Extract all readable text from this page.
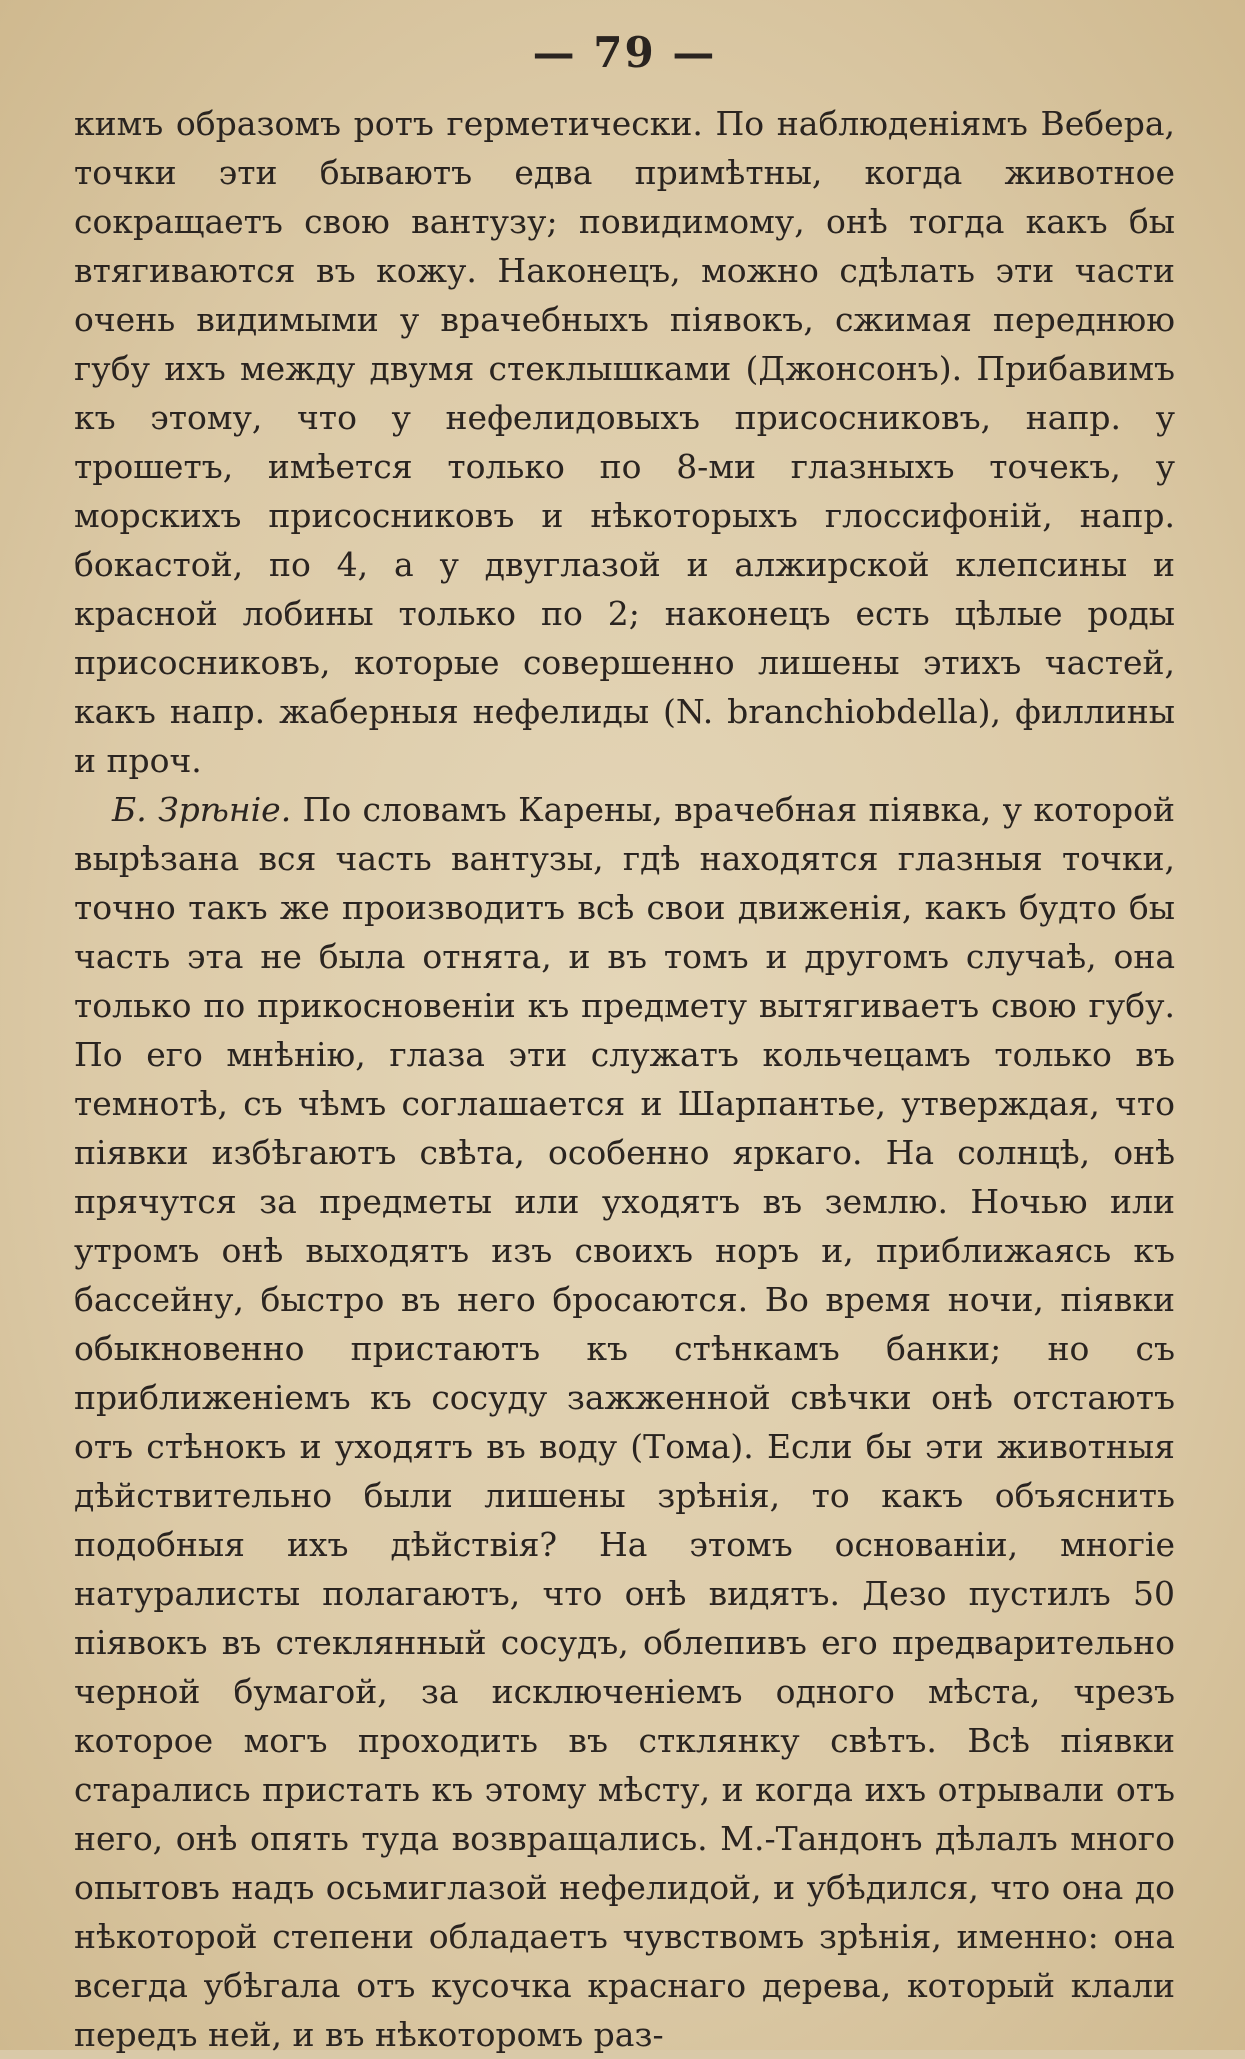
— 79 —

кимъ образомъ ротъ герметически. По наблюденіямъ Вебера, точки эти бываютъ едва примѣтны, когда животное сокращаетъ свою вантузу; повидимому, онѣ тогда какъ бы втягиваются въ кожу. Наконецъ, можно сдѣлать эти части очень видимыми у врачебныхъ піявокъ, сжимая переднюю губу ихъ между двумя стеклышками (Джонсонъ). Прибавимъ къ этому, что у нефелидовыхъ присосниковъ, напр. у трошетъ, имѣется только по 8-ми глазныхъ точекъ, у морскихъ присосниковъ и нѣкоторыхъ глоссифоній, напр. бокастой, по 4, а у двуглазой и алжирской клепсины и красной лобины только по 2; наконецъ есть цѣлые роды присосниковъ, которые совершенно лишены этихъ частей, какъ напр. жаберныя нефелиды (N. branchiobdella), филлины и проч.

Б. Зрѣніе. По словамъ Карены, врачебная піявка, у которой вырѣзана вся часть вантузы, гдѣ находятся глазныя точки, точно такъ же производитъ всѣ свои движенія, какъ будто бы часть эта не была отнята, и въ томъ и другомъ случаѣ, она только по прикосновеніи къ предмету вытягиваетъ свою губу. По его мнѣнію, глаза эти служатъ кольчецамъ только въ темнотѣ, съ чѣмъ соглашается и Шарпантье, утверждая, что піявки избѣгаютъ свѣта, особенно яркаго. На солнцѣ, онѣ прячутся за предметы или уходятъ въ землю. Ночью или утромъ онѣ выходятъ изъ своихъ норъ и, приближаясь къ бассейну, быстро въ него бросаются. Во время ночи, піявки обыкновенно пристаютъ къ стѣнкамъ банки; но съ приближеніемъ къ сосуду зажженной свѣчки онѣ отстаютъ отъ стѣнокъ и уходятъ въ воду (Тома). Если бы эти животныя дѣйствительно были лишены зрѣнія, то какъ объяснить подобныя ихъ дѣйствія? На этомъ основаніи, многіе натуралисты полагаютъ, что онѣ видятъ. Дезо пустилъ 50 піявокъ въ стеклянный сосудъ, облепивъ его предварительно черной бумагой, за исключеніемъ одного мѣста, чрезъ которое могъ проходить въ стклянку свѣтъ. Всѣ піявки старались пристать къ этому мѣсту, и когда ихъ отрывали отъ него, онѣ опять туда возвращались. М.-Тандонъ дѣлалъ много опытовъ надъ осьмиглазой нефелидой, и убѣдился, что она до нѣкоторой степени обладаетъ чувствомъ зрѣнія, именно: она всегда убѣгала отъ кусочка краснаго дерева, который клали передъ ней, и въ нѣкоторомъ раз-
